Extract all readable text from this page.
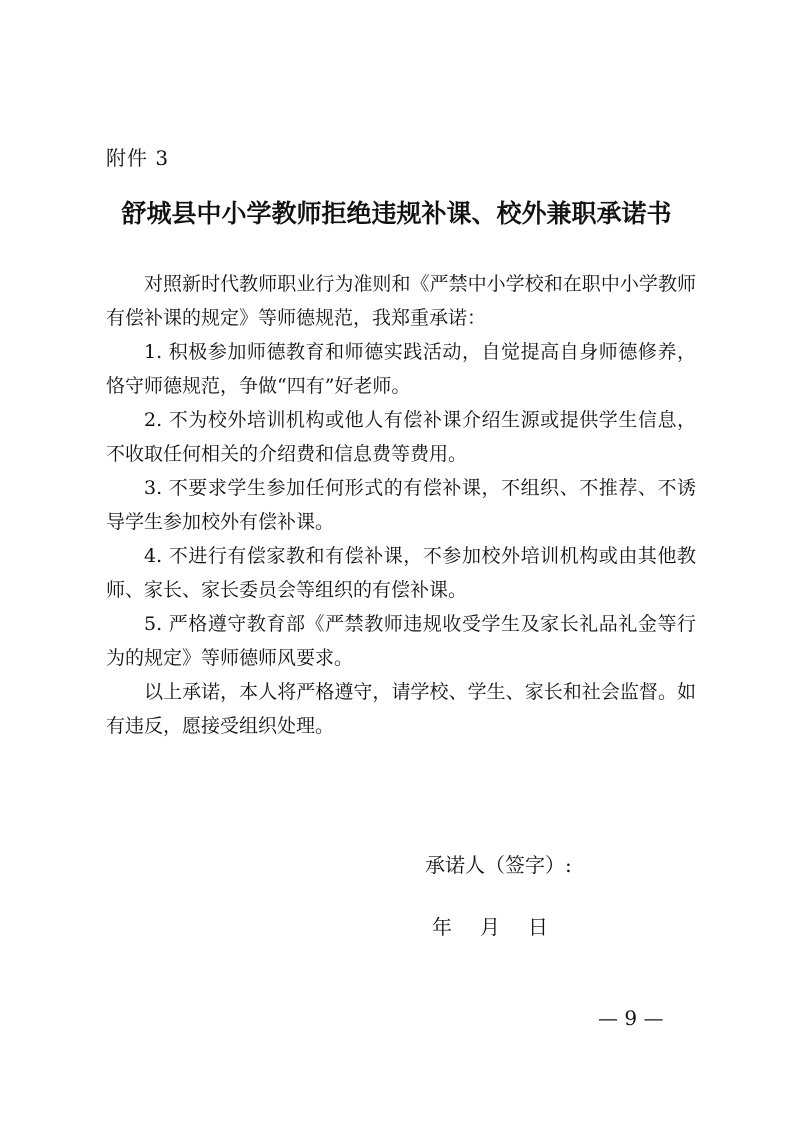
附件 3
舒城县中小学教师拒绝违规补课、校外兼职承诺书

对照新时代教师职业行为准则和《严禁中小学校和在职中小学教师有偿补课的规定》等师德规范，我郑重承诺：

1. 积极参加师德教育和师德实践活动，自觉提高自身师德修养，恪守师德规范，争做“四有”好老师。

2. 不为校外培训机构或他人有偿补课介绍生源或提供学生信息，不收取任何相关的介绍费和信息费等费用。

3. 不要求学生参加任何形式的有偿补课，不组织、不推荐、不诱导学生参加校外有偿补课。

4. 不进行有偿家教和有偿补课，不参加校外培训机构或由其他教师、家长、家长委员会等组织的有偿补课。

5. 严格遵守教育部《严禁教师违规收受学生及家长礼品礼金等行为的规定》等师德师风要求。

以上承诺，本人将严格遵守，请学校、学生、家长和社会监督。如有违反，愿接受组织处理。

承诺人（签字）:
年 月 日
— 9 —
